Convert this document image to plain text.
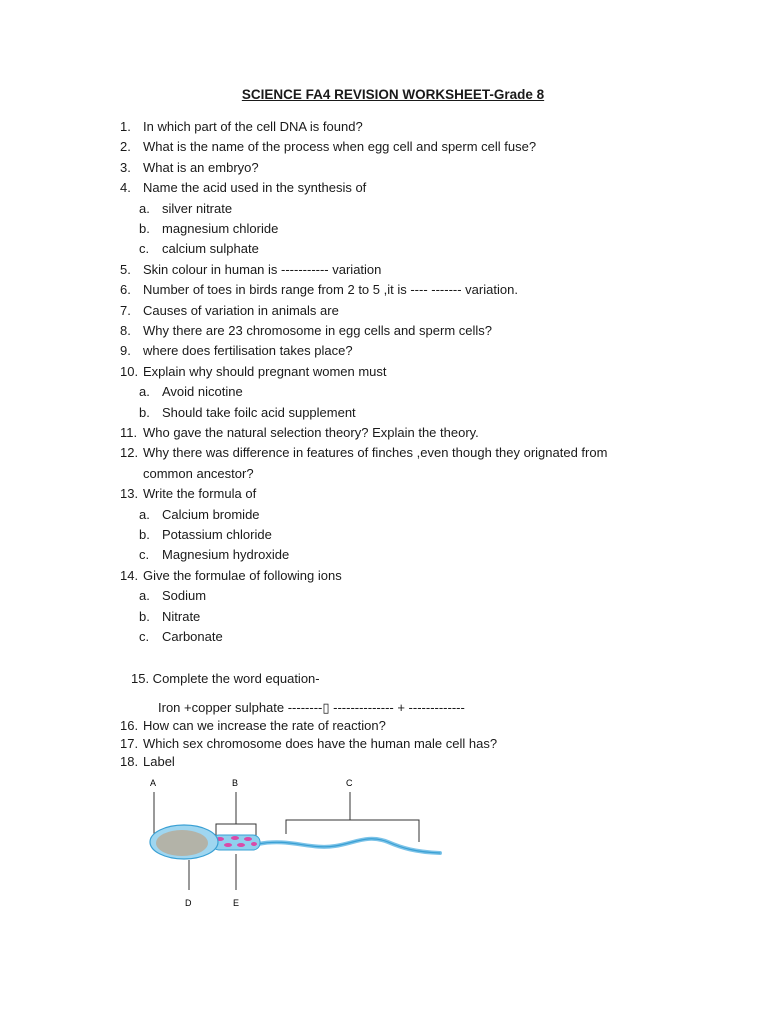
SCIENCE FA4 REVISION WORKSHEET-Grade 8
1. In which part of the cell DNA is found?
2. What is the name of the process when egg cell and sperm cell fuse?
3. What is an embryo?
4. Name the acid used in the synthesis of
a. silver nitrate
b. magnesium chloride
c. calcium sulphate
5. Skin colour in human is ----------- variation
6. Number of toes in birds range from 2 to 5 ,it is ---- ------- variation.
7. Causes of variation in animals are
8. Why there are 23 chromosome in egg cells and sperm cells?
9. where does fertilisation takes place?
10. Explain why should pregnant women must
a. Avoid nicotine
b. Should take foilc acid supplement
11. Who gave the natural selection theory? Explain the theory.
12. Why there was difference in features of finches ,even though they orignated from
common ancestor?
13. Write the formula of
a. Calcium bromide
b. Potassium chloride
c. Magnesium hydroxide
14. Give the formulae of following ions
a. Sodium
b. Nitrate
c. Carbonate
15. Complete the word equation-
Iron +copper sulphate --------▯ -------------- + -------------
16. How can we increase the rate of reaction?
17. Which sex chromosome does have the human male cell has?
18. Label
A	B	C
D	E
